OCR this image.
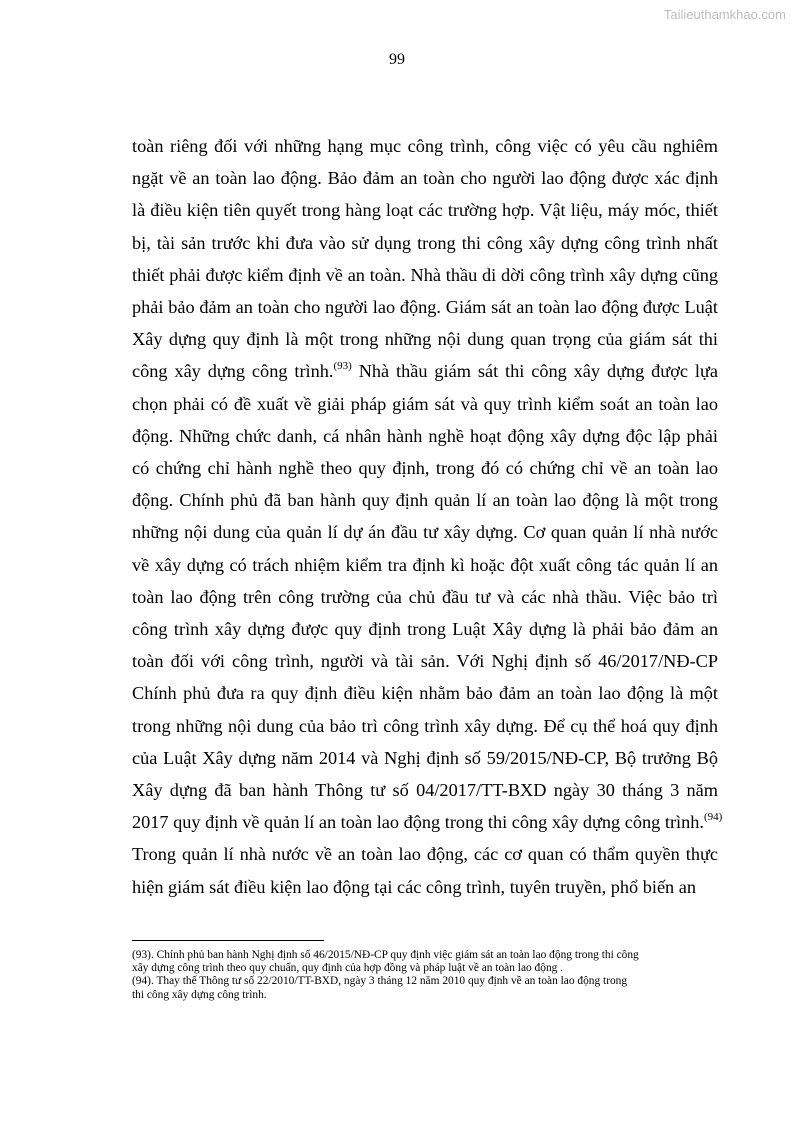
Tailieuthamkhao.com
99
toàn riêng đối với những hạng mục công trình, công việc có yêu cầu nghiêm
ngặt về an toàn lao động. Bảo đảm an toàn cho người lao động được xác định
là điều kiện tiên quyết trong hàng loạt các trường hợp. Vật liệu, máy móc, thiết
bị, tài sản trước khi đưa vào sử dụng trong thi công xây dựng công trình nhất
thiết phải được kiểm định về an toàn. Nhà thầu di dời công trình xây dựng cũng
phải bảo đảm an toàn cho người lao động. Giám sát an toàn lao động được Luật
Xây dựng quy định là một trong những nội dung quan trọng của giám sát thi
công xây dựng công trình.$^{(93)}$ Nhà thầu giám sát thi công xây dựng được lựa
chọn phải có đề xuất về giải pháp giám sát và quy trình kiểm soát an toàn lao
động. Những chức danh, cá nhân hành nghề hoạt động xây dựng độc lập phải
có chứng chỉ hành nghề theo quy định, trong đó có chứng chỉ về an toàn lao
động. Chính phủ đã ban hành quy định quản lí an toàn lao động là một trong
những nội dung của quản lí dự án đầu tư xây dựng. Cơ quan quản lí nhà nước
về xây dựng có trách nhiệm kiểm tra định kì hoặc đột xuất công tác quản lí an
toàn lao động trên công trường của chủ đầu tư và các nhà thầu. Việc bảo trì
công trình xây dựng được quy định trong Luật Xây dựng là phải bảo đảm an
toàn đối với công trình, người và tài sản. Với Nghị định số 46/2017/NĐ-CP
Chính phủ đưa ra quy định điều kiện nhằm bảo đảm an toàn lao động là một
trong những nội dung của bảo trì công trình xây dựng. Để cụ thể hoá quy định
của Luật Xây dựng năm 2014 và Nghị định số 59/2015/NĐ-CP, Bộ trưởng Bộ
Xây dựng đã ban hành Thông tư số 04/2017/TT-BXD ngày 30 tháng 3 năm
2017 quy định về quản lí an toàn lao động trong thi công xây dựng công trình.$^{(94)}$
Trong quản lí nhà nước về an toàn lao động, các cơ quan có thẩm quyền thực
hiện giám sát điều kiện lao động tại các công trình, tuyên truyền, phổ biến an
(93). Chính phủ ban hành Nghị định số 46/2015/NĐ-CP quy định việc giám sát an toàn lao động trong thi công
xây dựng công trình theo quy chuẩn, quy định của hợp đồng và pháp luật về an toàn lao động .
(94). Thay thế Thông tư số 22/2010/TT-BXD, ngày 3 tháng 12 năm 2010 quy định về an toàn lao động trong
thi công xây dựng công trình.
